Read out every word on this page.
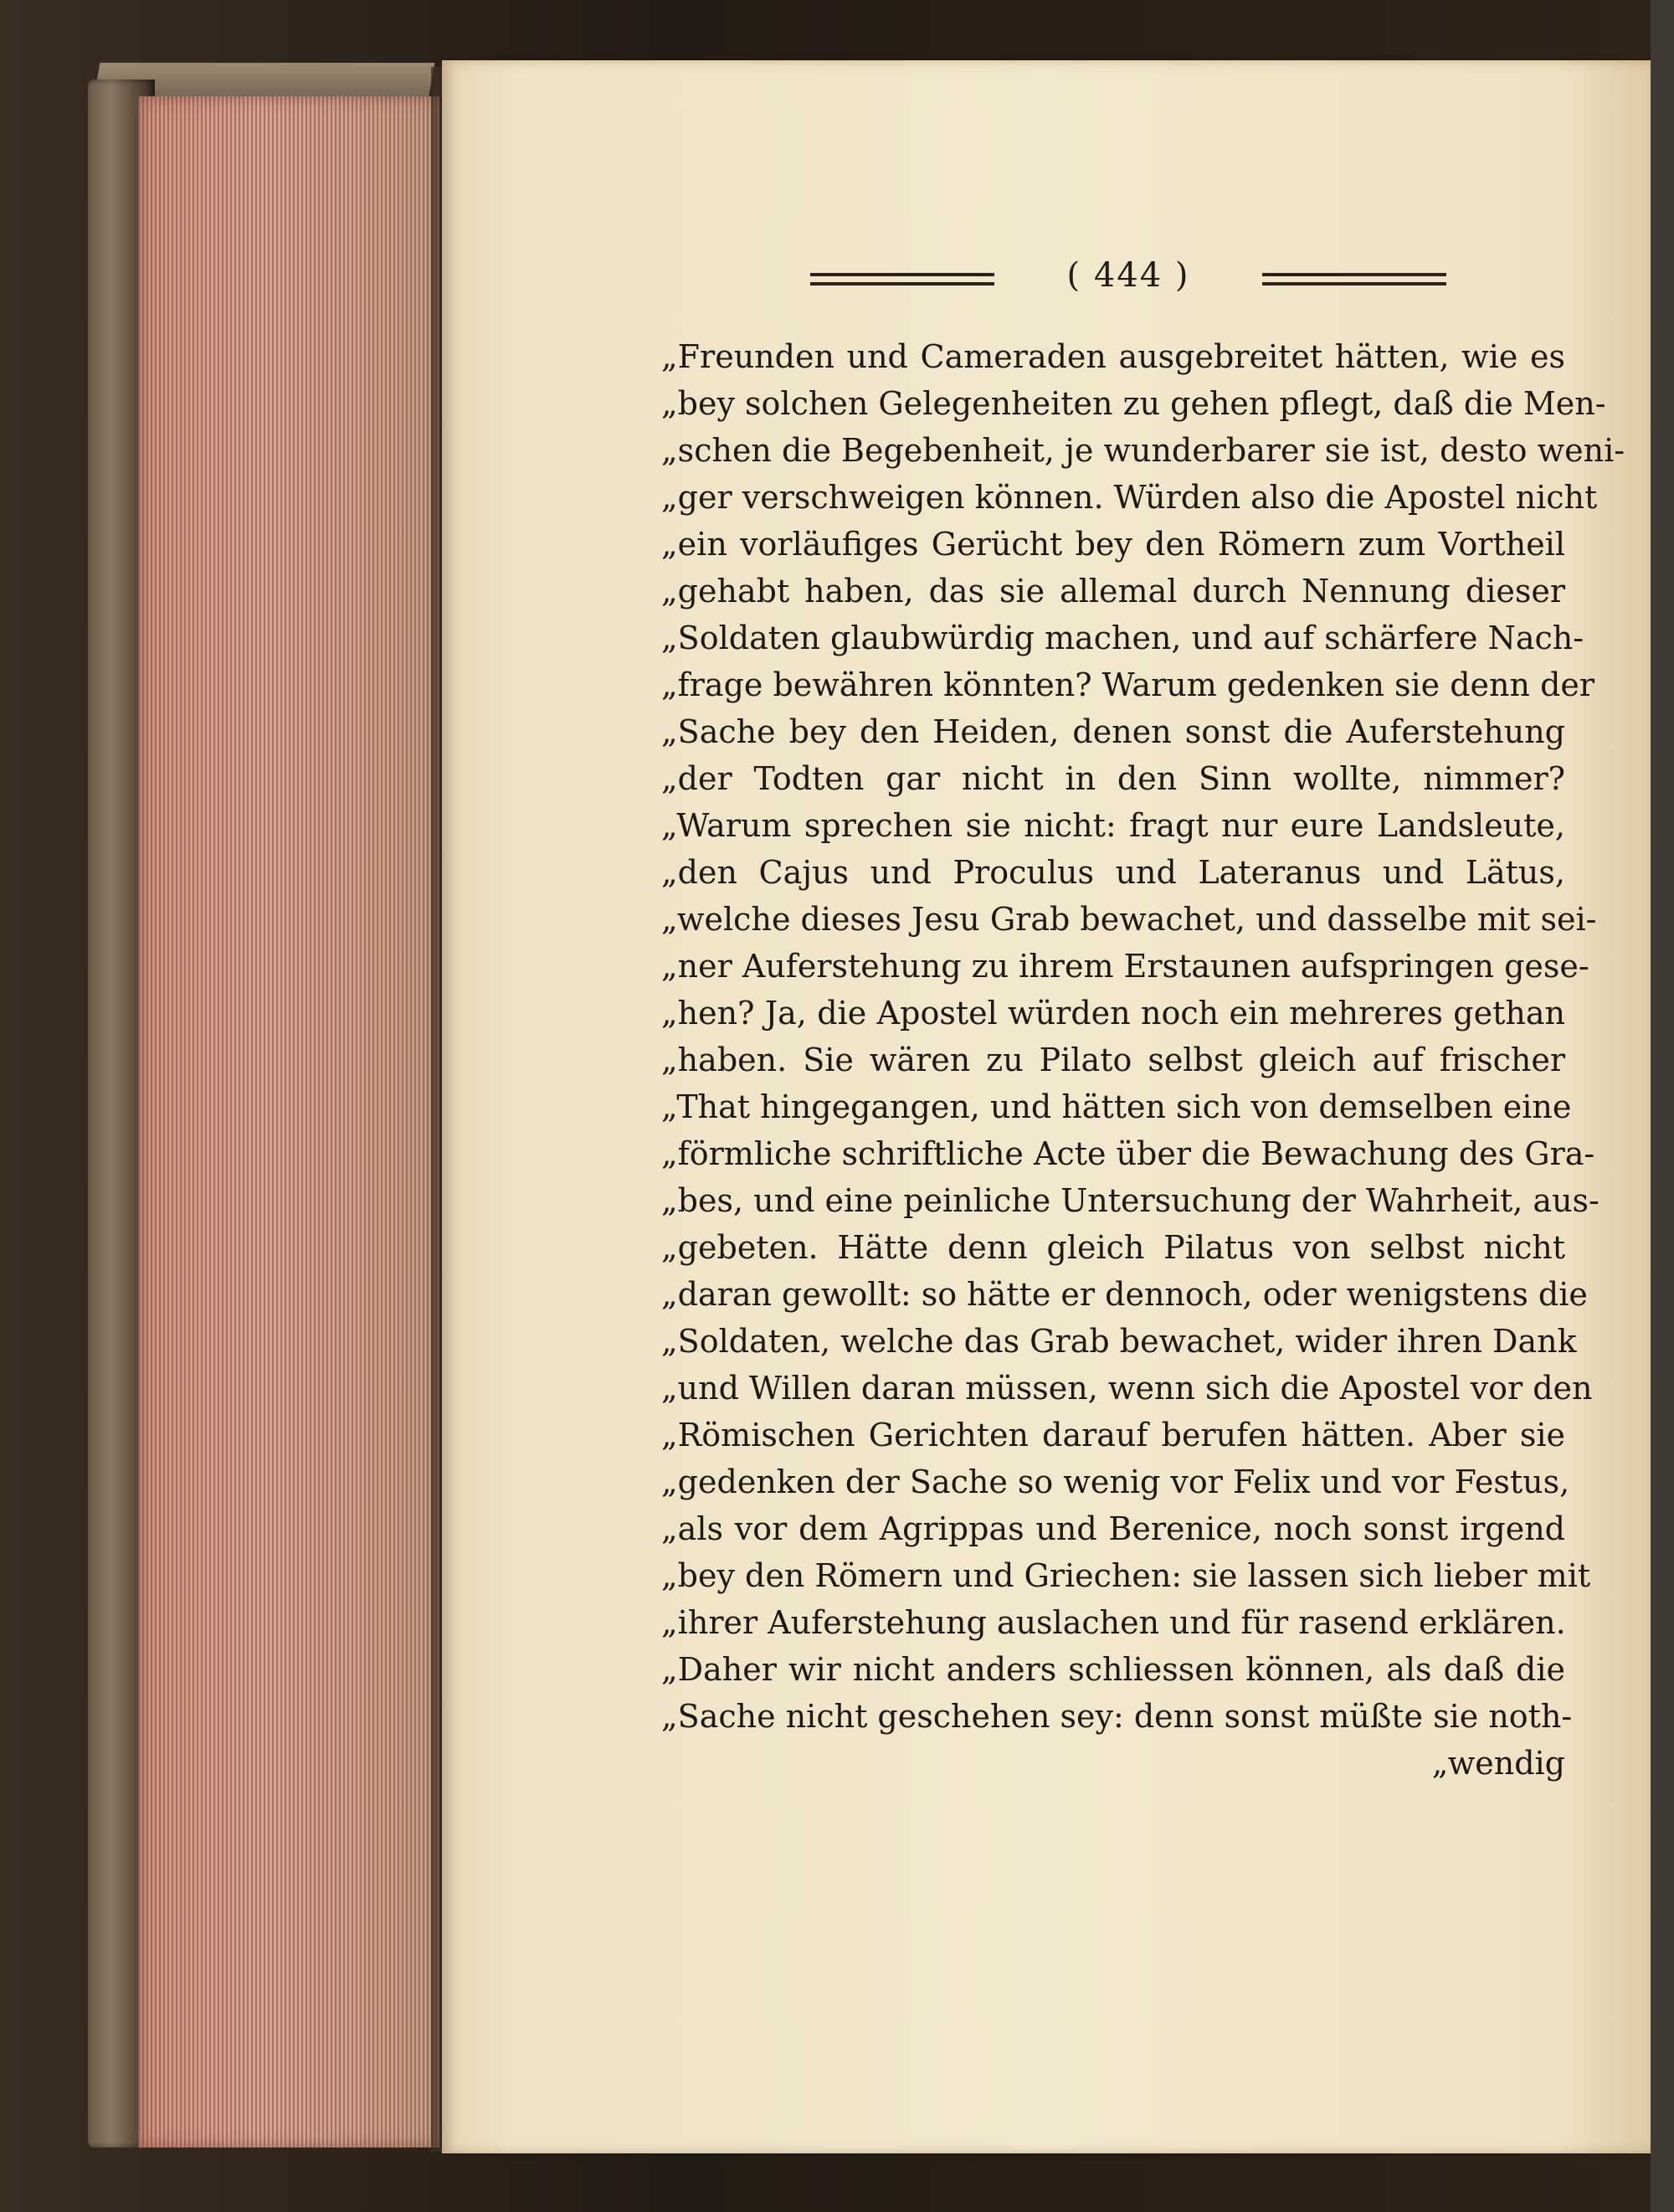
( 444 )
„Freunden und Cameraden ausgebreitet hätten, wie es
„bey solchen Gelegenheiten zu gehen pflegt, daß die Men-
„schen die Begebenheit, je wunderbarer sie ist, desto weni-
„ger verschweigen können. Würden also die Apostel nicht
„ein vorläufiges Gerücht bey den Römern zum Vortheil
„gehabt haben, das sie allemal durch Nennung dieser
„Soldaten glaubwürdig machen, und auf schärfere Nach-
„frage bewähren könnten? Warum gedenken sie denn der
„Sache bey den Heiden, denen sonst die Auferstehung
„der Todten gar nicht in den Sinn wollte, nimmer?
„Warum sprechen sie nicht: fragt nur eure Landsleute,
„den Cajus und Proculus und Lateranus und Lätus,
„welche dieses Jesu Grab bewachet, und dasselbe mit sei-
„ner Auferstehung zu ihrem Erstaunen aufspringen gese-
„hen? Ja, die Apostel würden noch ein mehreres gethan
„haben. Sie wären zu Pilato selbst gleich auf frischer
„That hingegangen, und hätten sich von demselben eine
„förmliche schriftliche Acte über die Bewachung des Gra-
„bes, und eine peinliche Untersuchung der Wahrheit, aus-
„gebeten. Hätte denn gleich Pilatus von selbst nicht
„daran gewollt: so hätte er dennoch, oder wenigstens die
„Soldaten, welche das Grab bewachet, wider ihren Dank
„und Willen daran müssen, wenn sich die Apostel vor den
„Römischen Gerichten darauf berufen hätten. Aber sie
„gedenken der Sache so wenig vor Felix und vor Festus,
„als vor dem Agrippas und Berenice, noch sonst irgend
„bey den Römern und Griechen: sie lassen sich lieber mit
„ihrer Auferstehung auslachen und für rasend erklären.
„Daher wir nicht anders schliessen können, als daß die
„Sache nicht geschehen sey: denn sonst müßte sie noth-
„wendig
